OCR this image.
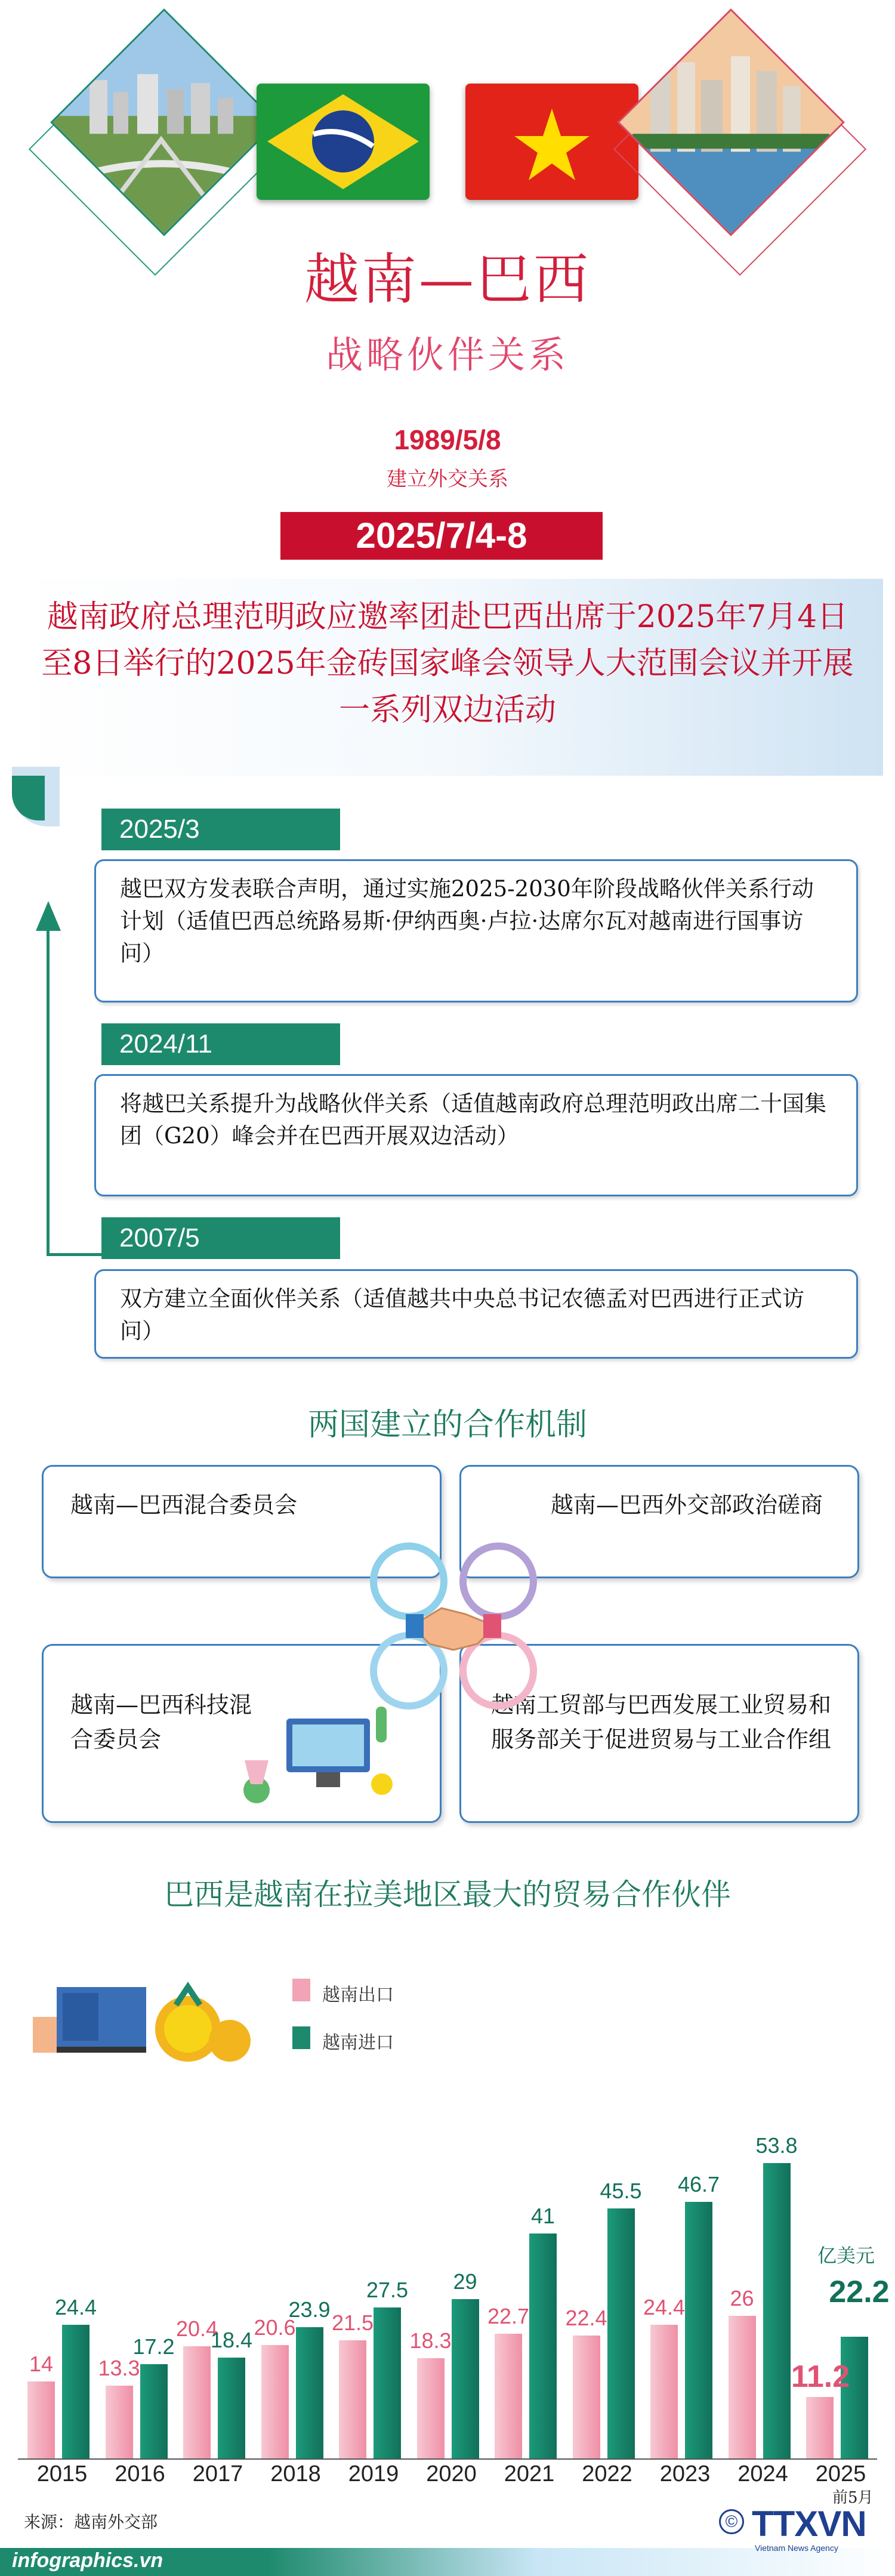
越南—巴西
战略伙伴关系
1989/5/8
建立外交关系
2025/7/4-8
越南政府总理范明政应邀率团赴巴西出席于2025年7月4日至8日举行的2025年金砖国家峰会领导人大范围会议并开展一系列双边活动
2025/3
越巴双方发表联合声明，通过实施2025-2030年阶段战略伙伴关系行动计划（适值巴西总统路易斯·伊纳西奥·卢拉·达席尔瓦对越南进行国事访问）
2024/11
将越巴关系提升为战略伙伴关系（适值越南政府总理范明政出席二十国集团（G20）峰会并在巴西开展双边活动）
2007/5
双方建立全面伙伴关系（适值越共中央总书记农德孟对巴西进行正式访问）
两国建立的合作机制
越南—巴西混合委员会	越南—巴西外交部政治磋商
越南—巴西科技混合委员会
越南工贸部与巴西发展工业贸易和服务部关于促进贸易与工业合作组
巴西是越南在拉美地区最大的贸易合作伙伴
越南出口
越南进口
14
24.4
2015
13.3
17.2
2016
20.4
18.4
2017
20.6
23.9
2018
21.5
27.5
2019
18.3
29
2020
22.7
41
2021
22.4
45.5
2022
24.4
46.7
2023
26
53.8
2024
11.2
22.2
2025
亿美元
前5月
来源：越南外交部
infographics.vn
© TTXVN
Vietnam News Agency
